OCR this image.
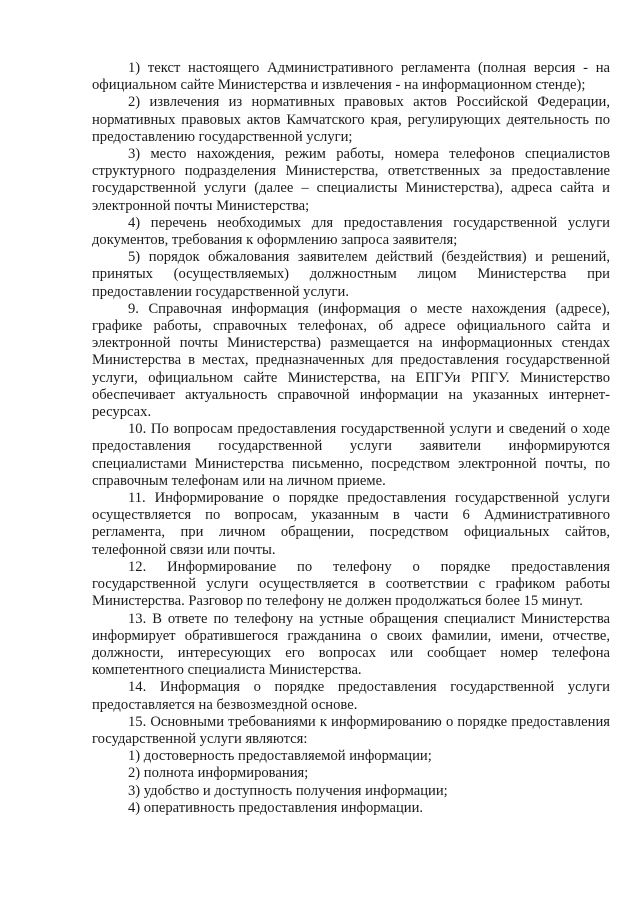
1) текст настоящего Административного регламента (полная версия - на официальном сайте Министерства и извлечения - на информационном стенде);

2) извлечения из нормативных правовых актов Российской Федерации, нормативных правовых актов Камчатского края, регулирующих деятельность по предоставлению государственной услуги;

3) место нахождения, режим работы, номера телефонов специалистов структурного подразделения Министерства, ответственных за предоставление государственной услуги (далее – специалисты Министерства), адреса сайта и электронной почты Министерства;

4) перечень необходимых для предоставления государственной услуги документов, требования к оформлению запроса заявителя;

5) порядок обжалования заявителем действий (бездействия) и решений, принятых (осуществляемых) должностным лицом Министерства при предоставлении государственной услуги.

9. Справочная информация (информация о месте нахождения (адресе), графике работы, справочных телефонах, об адресе официального сайта и электронной почты Министерства) размещается на информационных стендах Министерства в местах, предназначенных для предоставления государственной услуги, официальном сайте Министерства, на ЕПГУи РПГУ. Министерство обеспечивает актуальность справочной информации на указанных интернет-ресурсах.

10. По вопросам предоставления государственной услуги и сведений о ходе предоставления государственной услуги заявители информируются специалистами Министерства письменно, посредством электронной почты, по справочным телефонам или на личном приеме.

11. Информирование о порядке предоставления государственной услуги осуществляется по вопросам, указанным в части 6 Административного регламента, при личном обращении, посредством официальных сайтов, телефонной связи или почты.

12. Информирование по телефону о порядке предоставления государственной услуги осуществляется в соответствии с графиком работы Министерства. Разговор по телефону не должен продолжаться более 15 минут.

13. В ответе по телефону на устные обращения специалист Министерства информирует обратившегося гражданина о своих фамилии, имени, отчестве, должности, интересующих его вопросах или сообщает номер телефона компетентного специалиста Министерства.

14. Информация о порядке предоставления государственной услуги предоставляется на безвозмездной основе.

15. Основными требованиями к информированию о порядке предоставления государственной услуги являются:

1) достоверность предоставляемой информации;

2) полнота информирования;

3) удобство и доступность получения информации;

4) оперативность предоставления информации.
